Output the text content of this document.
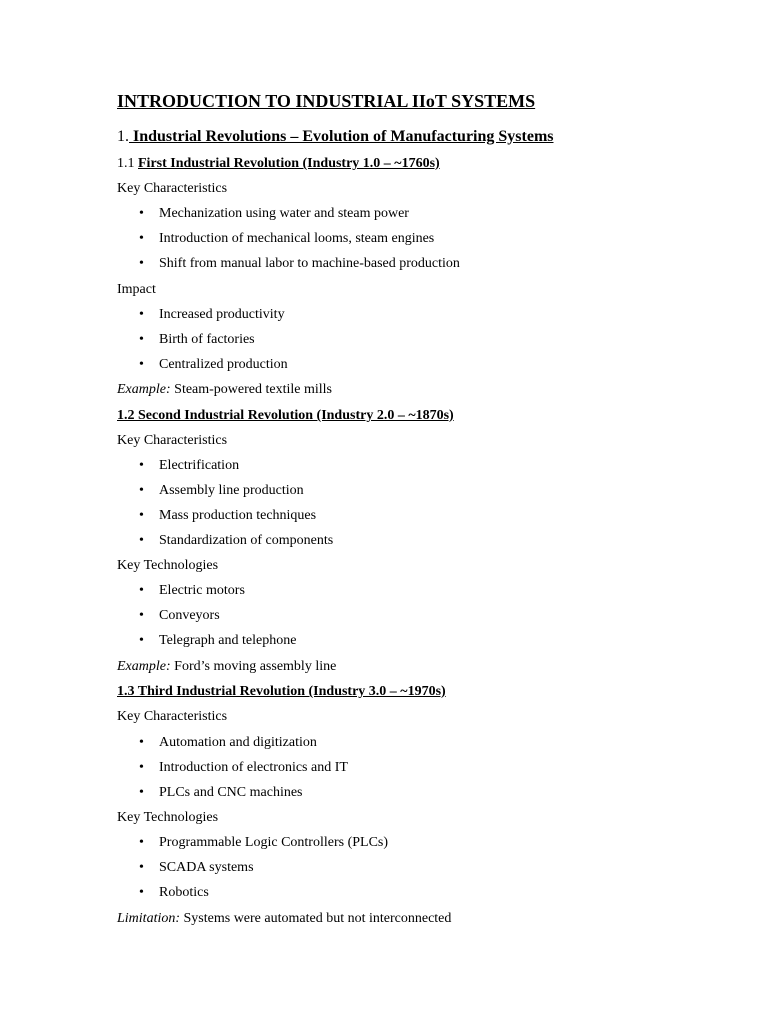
INTRODUCTION TO INDUSTRIAL IIoT SYSTEMS
1. Industrial Revolutions – Evolution of Manufacturing Systems
1.1 First Industrial Revolution (Industry 1.0 – ~1760s)
Key Characteristics
• Mechanization using water and steam power
• Introduction of mechanical looms, steam engines
• Shift from manual labor to machine-based production
Impact
• Increased productivity
• Birth of factories
• Centralized production
Example: Steam-powered textile mills
1.2 Second Industrial Revolution (Industry 2.0 – ~1870s)
Key Characteristics
• Electrification
• Assembly line production
• Mass production techniques
• Standardization of components
Key Technologies
• Electric motors
• Conveyors
• Telegraph and telephone
Example: Ford’s moving assembly line
1.3 Third Industrial Revolution (Industry 3.0 – ~1970s)
Key Characteristics
• Automation and digitization
• Introduction of electronics and IT
• PLCs and CNC machines
Key Technologies
• Programmable Logic Controllers (PLCs)
• SCADA systems
• Robotics
Limitation: Systems were automated but not interconnected
